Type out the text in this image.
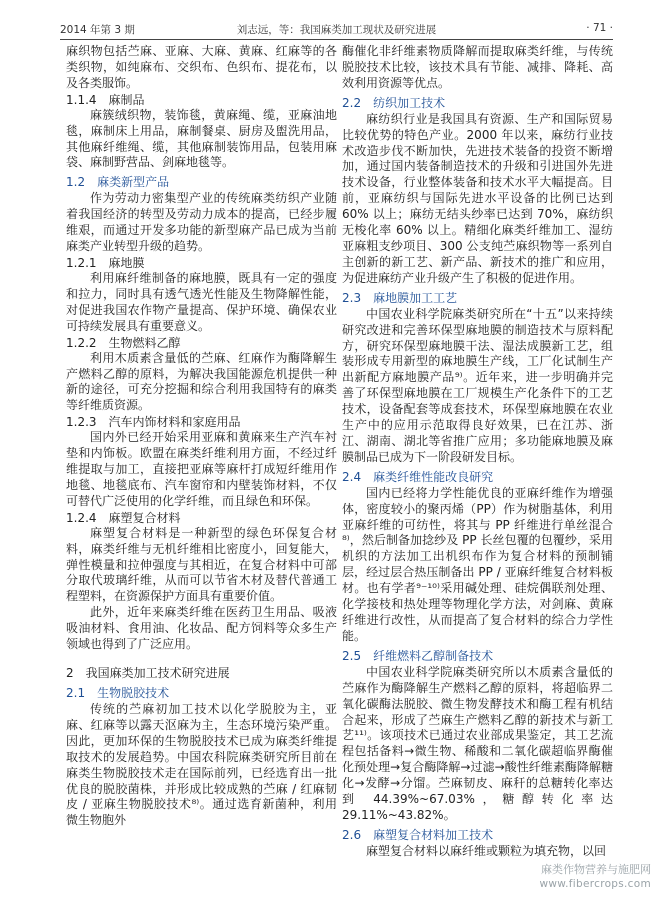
2014 年第 3 期	刘志远，等：我国麻类加工现状及研究进展	· 71 ·
麻织物包括苎麻、亚麻、大麻、黄麻、红麻等的各类织物，如纯麻布、交织布、色织布、提花布，以及各类服饰。
1.1.4　麻制品
麻簇绒织物，装饰毯，黄麻绳、缆，亚麻油地毯，麻制床上用品，麻制餐桌、厨房及盥洗用品，其他麻纤维绳、缆，其他麻制装饰用品，包装用麻袋、麻制野营品、剑麻地毯等。
1.2　麻类新型产品
作为劳动力密集型产业的传统麻类纺织产业随着我国经济的转型及劳动力成本的提高，已经步履维艰，而通过开发多功能的新型麻产品已成为当前麻类产业转型升级的趋势。
1.2.1　麻地膜
利用麻纤维制备的麻地膜，既具有一定的强度和拉力，同时具有透气透光性能及生物降解性能，对促进我国农作物产量提高、保护环境、确保农业可持续发展具有重要意义。
1.2.2　生物燃料乙醇
利用木质素含量低的苎麻、红麻作为酶降解生产燃料乙醇的原料，为解决我国能源危机提供一种新的途径，可充分挖掘和综合利用我国特有的麻类等纤维质资源。
1.2.3　汽车内饰材料和家庭用品
国内外已经开始采用亚麻和黄麻来生产汽车衬垫和内饰板。欧盟在麻类纤维利用方面，不经过纤维提取与加工，直接把亚麻等麻杆打成短纤维用作地毯、地毯底布、汽车窗帘和内壁装饰材料，不仅可替代广泛使用的化学纤维，而且绿色和环保。
1.2.4　麻塑复合材料
麻塑复合材料是一种新型的绿色环保复合材料，麻类纤维与无机纤维相比密度小，回复能大，弹性模量和拉伸强度与其相近，在复合材料中可部分取代玻璃纤维，从而可以节省木材及替代普通工程塑料，在资源保护方面具有重要价值。
此外，近年来麻类纤维在医药卫生用品、吸液吸油材料、食用油、化妆品、配方饲料等众多生产领域也得到了广泛应用。
2　我国麻类加工技术研究进展
2.1　生物脱胶技术
传统的苎麻初加工技术以化学脱胶为主，亚麻、红麻等以露天沤麻为主，生态环境污染严重。因此，更加环保的生物脱胶技术已成为麻类纤维提取技术的发展趋势。中国农科院麻类研究所目前在麻类生物脱胶技术走在国际前列，已经选育出一批优良的脱胶菌株，并形成比较成熟的苎麻 / 红麻韧皮 / 亚麻生物脱胶技术⁸⁾。通过选育新菌种，利用微生物胞外
酶催化非纤维素物质降解而提取麻类纤维，与传统脱胶技术比较，该技术具有节能、减排、降耗、高效利用资源等优点。
2.2　纺织加工技术
麻纺织行业是我国具有资源、生产和国际贸易比较优势的特色产业。2000 年以来，麻纺行业技术改造步伐不断加快，先进技术装备的投资不断增加，通过国内装备制造技术的升级和引进国外先进技术设备，行业整体装备和技术水平大幅提高。目前，亚麻纺织与国际先进水平设备的比例已达到 60% 以上；麻纺无结头纱率已达到 70%，麻纺织无梭化率 60% 以上。精细化麻类纤维加工、湿纺亚麻粗支纱项目、300 公支纯苎麻织物等一系列自主创新的新工艺、新产品、新技术的推广和应用，为促进麻纺产业升级产生了积极的促进作用。
2.3　麻地膜加工工艺
中国农业科学院麻类研究所在“十五”以来持续研究改进和完善环保型麻地膜的制造技术与原料配方，研究环保型麻地膜干法、湿法成膜新工艺，组装形成专用新型的麻地膜生产线，工厂化试制生产出新配方麻地膜产品⁹⁾。近年来，进一步明确并完善了环保型麻地膜在工厂规模生产化条件下的工艺技术，设备配套等成套技术，环保型麻地膜在农业生产中的应用示范取得良好效果，已在江苏、浙江、湖南、湖北等省推广应用；多功能麻地膜及麻膜制品已成为下一阶段研发目标。
2.4　麻类纤维性能改良研究
国内已经将力学性能优良的亚麻纤维作为增强体，密度较小的聚丙烯（PP）作为树脂基体，利用亚麻纤维的可纺性，将其与 PP 纤维进行单丝混合⁸⁾，然后制备加捻纱及 PP 长丝包覆的包覆纱，采用机织的方法加工出机织布作为复合材料的预制铺层，经过层合热压制备出 PP / 亚麻纤维复合材料板材。也有学者⁹⁻¹⁰⁾采用碱处理、硅烷偶联剂处理、化学接枝和热处理等物理化学方法，对剑麻、黄麻纤维进行改性，从而提高了复合材料的综合力学性能。
2.5　纤维燃料乙醇制备技术
中国农业科学院麻类研究所以木质素含量低的苎麻作为酶降解生产燃料乙醇的原料，将超临界二氧化碳酶法脱胶、微生物发酵技术和酶工程有机结合起来，形成了苎麻生产燃料乙醇的新技术与新工艺¹¹⁾。该项技术已通过农业部成果鉴定，其工艺流程包括备料→微生物、稀酸和二氧化碳超临界酶催化预处理→复合酶降解→过滤→酸性纤维素酶降解糖化→发酵→分馏。苎麻韧皮、麻秆的总糖转化率达到 44.39%~67.03%，糖醇转化率达 29.11%~43.82%。
2.6　麻塑复合材料加工技术
麻塑复合材料以麻纤维或颗粒为填充物，以回
麻类作物营养与施肥网
www.fibercrops.com
